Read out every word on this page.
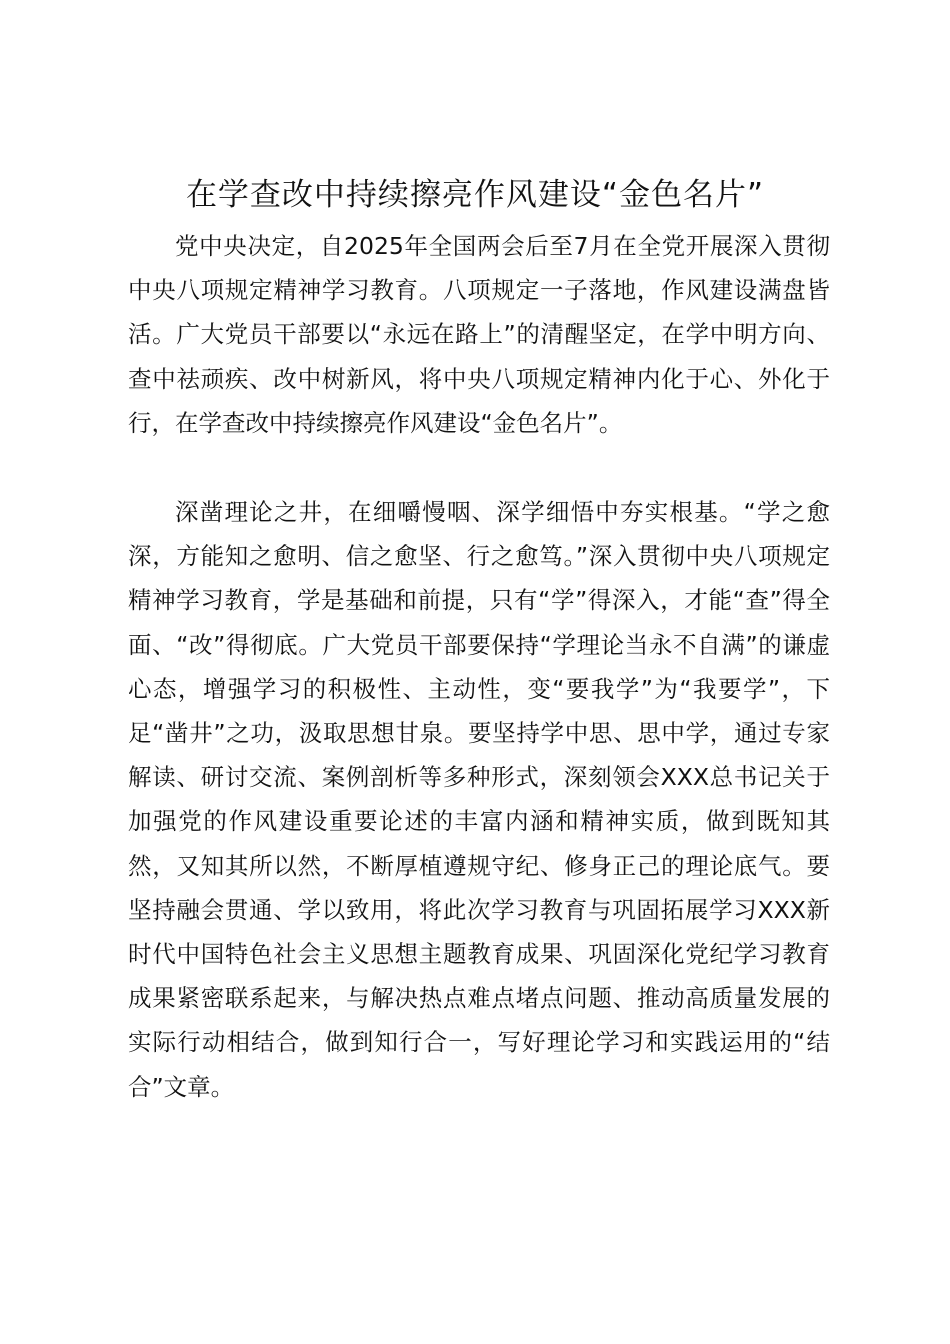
在学查改中持续擦亮作风建设“金色名片”

党中央决定，自2025年全国两会后至7月在全党开展深入贯彻中央八项规定精神学习教育。八项规定一子落地，作风建设满盘皆活。广大党员干部要以“永远在路上”的清醒坚定，在学中明方向、查中祛顽疾、改中树新风，将中央八项规定精神内化于心、外化于行，在学查改中持续擦亮作风建设“金色名片”。

深凿理论之井，在细嚼慢咽、深学细悟中夯实根基。“学之愈深，方能知之愈明、信之愈坚、行之愈笃。”深入贯彻中央八项规定精神学习教育，学是基础和前提，只有“学”得深入，才能“查”得全面、“改”得彻底。广大党员干部要保持“学理论当永不自满”的谦虚心态，增强学习的积极性、主动性，变“要我学”为“我要学”，下足“凿井”之功，汲取思想甘泉。要坚持学中思、思中学，通过专家解读、研讨交流、案例剖析等多种形式，深刻领会XXX总书记关于加强党的作风建设重要论述的丰富内涵和精神实质，做到既知其然，又知其所以然，不断厚植遵规守纪、修身正己的理论底气。要坚持融会贯通、学以致用，将此次学习教育与巩固拓展学习XXX新时代中国特色社会主义思想主题教育成果、巩固深化党纪学习教育成果紧密联系起来，与解决热点难点堵点问题、推动高质量发展的实际行动相结合，做到知行合一，写好理论学习和实践运用的“结合”文章。
